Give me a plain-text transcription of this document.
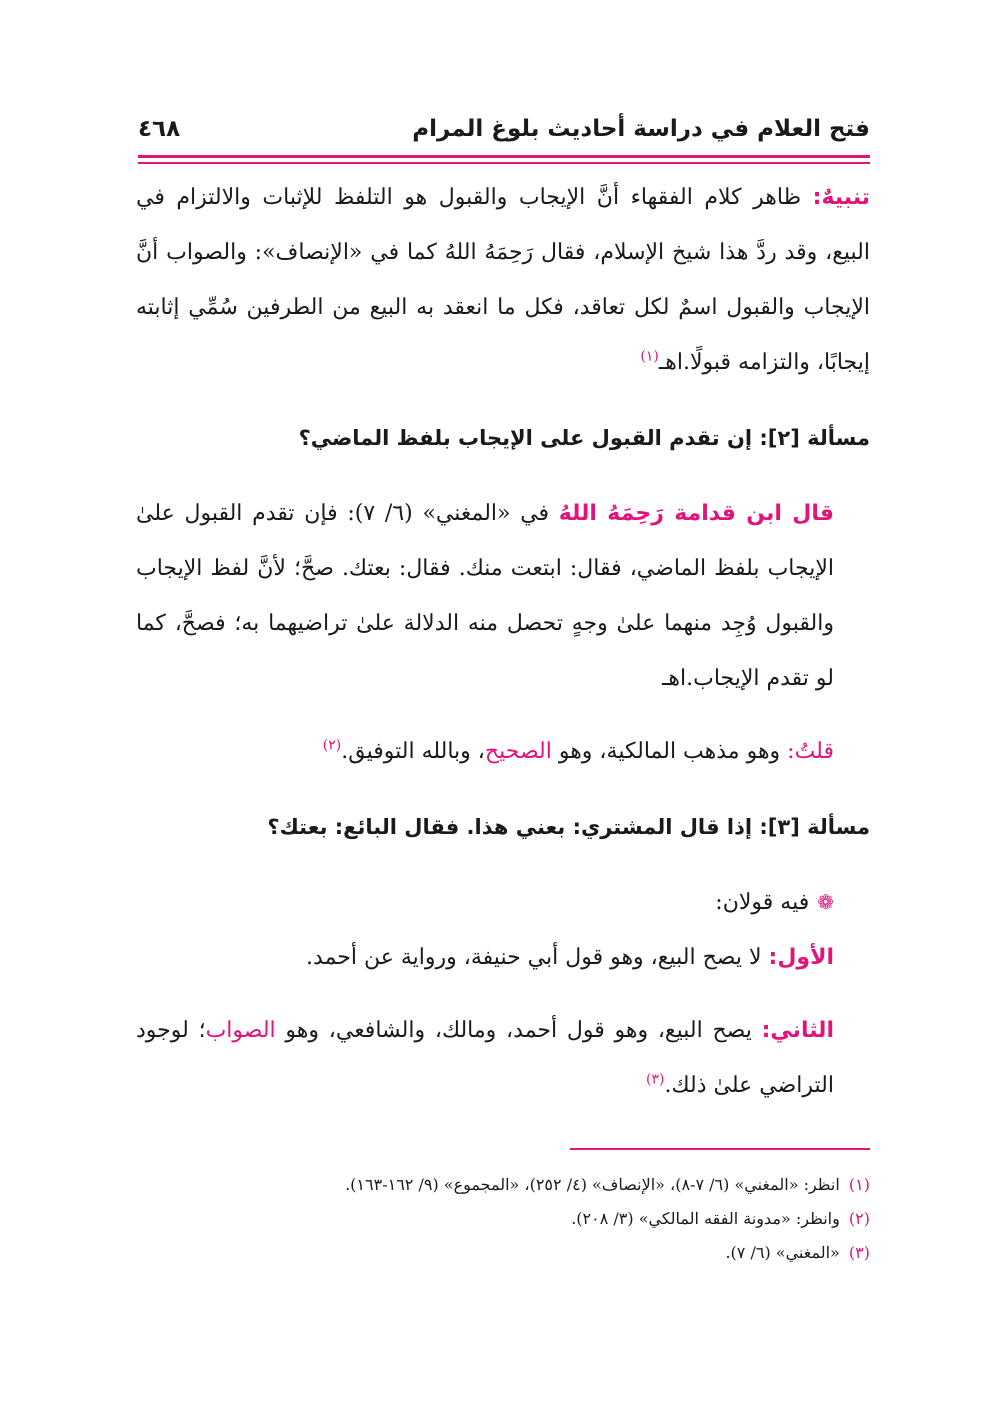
فتح العلام في دراسة أحاديث بلوغ المرام
٤٦٨

تنبيهٌ: ظاهر كلام الفقهاء أنَّ الإيجاب والقبول هو التلفظ للإثبات والالتزام في البيع، وقد ردَّ هذا شيخ الإسلام، فقال رَحِمَهُ اللهُ كما في «الإنصاف»: والصواب أنَّ الإيجاب والقبول اسمٌ لكل تعاقد، فكل ما انعقد به البيع من الطرفين سُمِّي إثابته إيجابًا، والتزامه قبولًا.اهـ$^{(١)}$

مسألة [٢]: إن تقدم القبول على الإيجاب بلفظ الماضي؟

قال ابن قدامة رَحِمَهُ اللهُ في «المغني» (٦/ ٧): فإن تقدم القبول علىٰ الإيجاب بلفظ الماضي، فقال: ابتعت منك. فقال: بعتك. صحَّ؛ لأنَّ لفظ الإيجاب والقبول وُجِد منهما علىٰ وجهٍ تحصل منه الدلالة علىٰ تراضيهما به؛ فصحَّ، كما لو تقدم الإيجاب.اهـ

قلتُ: وهو مذهب المالكية، وهو الصحيح، وبالله التوفيق.$^{(٢)}$

مسألة [٣]: إذا قال المشتري: بعني هذا. فقال البائع: بعتك؟

❁فيه قولان:

الأول: لا يصح البيع، وهو قول أبي حنيفة، ورواية عن أحمد.

الثاني: يصح البيع، وهو قول أحمد، ومالك، والشافعي، وهو الصواب؛ لوجود التراضي علىٰ ذلك.$^{(٣)}$

(١) انظر: «المغني» (٦/ ٧-٨)، «الإنصاف» (٤/ ٢٥٢)، «المجموع» (٩/ ١٦٢-١٦٣).

(٢) وانظر: «مدونة الفقه المالكي» (٣/ ٢٠٨).

(٣) «المغني» (٦/ ٧).
